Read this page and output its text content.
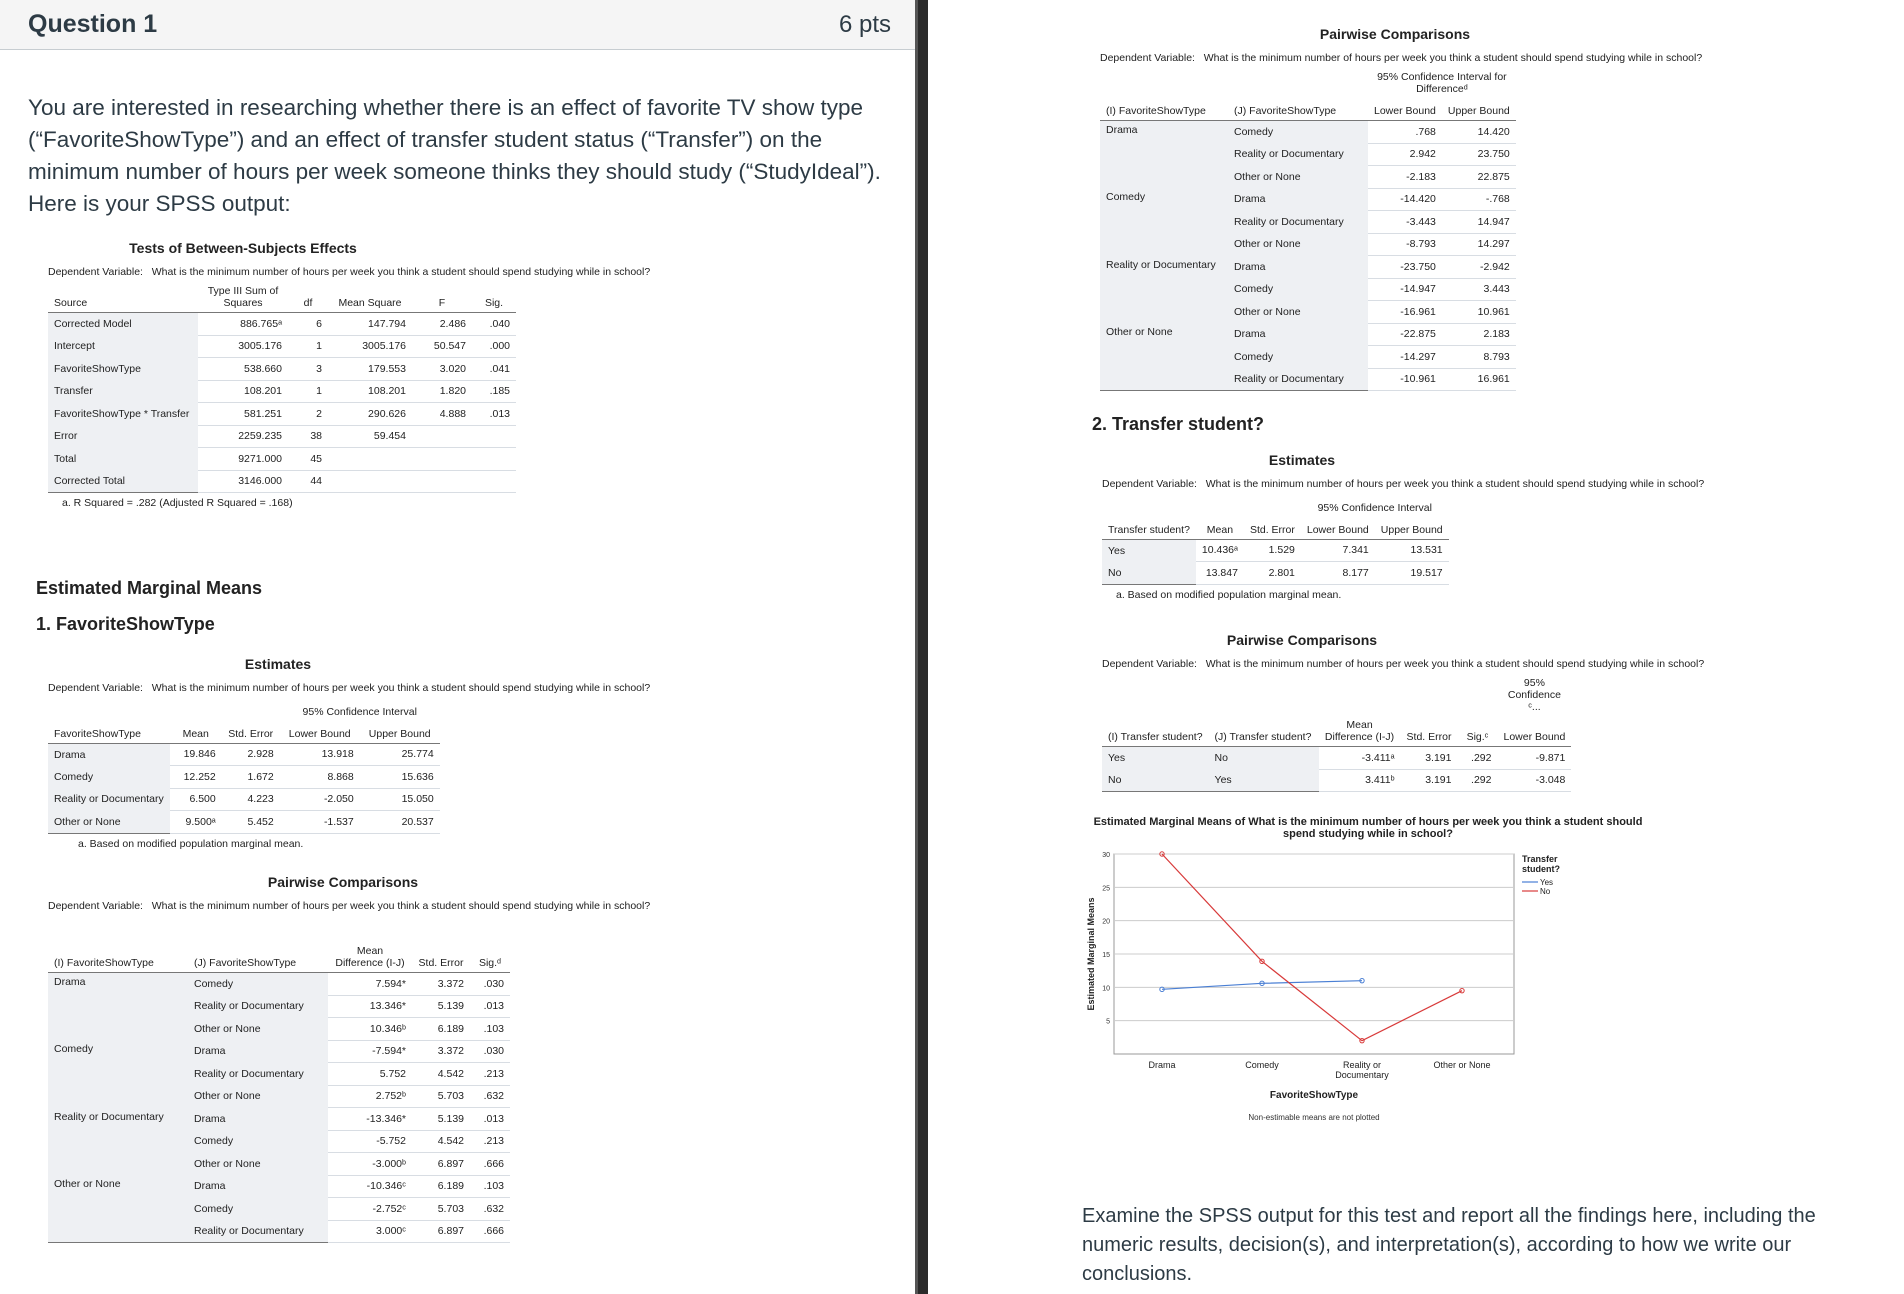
Question 1	6 pts
You are interested in researching whether there is an effect of favorite TV show type (“FavoriteShowType”) and an effect of transfer student status (“Transfer”) on the minimum number of hours per week someone thinks they should study (“StudyIdeal”). Here is your SPSS output:
Tests of Between-Subjects Effects
Dependent Variable: What is the minimum number of hours per week you think a student should spend studying while in school?
Source	Type III Sum of Squares	df	Mean Square	F	Sig.
Corrected Model	886.765ᵃ	6	147.794	2.486	.040
Intercept	3005.176	1	3005.176	50.547	.000
FavoriteShowType	538.660	3	179.553	3.020	.041
Transfer	108.201	1	108.201	1.820	.185
FavoriteShowType * Transfer	581.251	2	290.626	4.888	.013
Error	2259.235	38	59.454		
Total	9271.000	45			
Corrected Total	3146.000	44			
a. R Squared = .282 (Adjusted R Squared = .168)
Estimated Marginal Means
1. FavoriteShowType
Estimates
Dependent Variable: What is the minimum number of hours per week you think a student should spend studying while in school?
			95% Confidence Interval	
FavoriteShowType	Mean	Std. Error	Lower Bound	Upper Bound
Drama	19.846	2.928	13.918	25.774
Comedy	12.252	1.672	8.868	15.636
Reality or Documentary	6.500	4.223	-2.050	15.050
Other or None	9.500ᵃ	5.452	-1.537	20.537
a. Based on modified population marginal mean.
Pairwise Comparisons
Dependent Variable: What is the minimum number of hours per week you think a student should spend studying while in school?
(I) FavoriteShowType	(J) FavoriteShowType	Mean Difference (I-J)	Std. Error	Sig.ᵈ
Drama	Comedy	7.594*	3.372	.030
	Reality or Documentary	13.346*	5.139	.013
	Other or None	10.346ᵇ	6.189	.103
Comedy	Drama	-7.594*	3.372	.030
	Reality or Documentary	5.752	4.542	.213
	Other or None	2.752ᵇ	5.703	.632
Reality or Documentary	Drama	-13.346*	5.139	.013
	Comedy	-5.752	4.542	.213
	Other or None	-3.000ᵇ	6.897	.666
Other or None	Drama	-10.346ᶜ	6.189	.103
	Comedy	-2.752ᶜ	5.703	.632
	Reality or Documentary	3.000ᶜ	6.897	.666
Pairwise Comparisons
Dependent Variable: What is the minimum number of hours per week you think a student should spend studying while in school?
		95% Confidence Interval for Differenceᵈ	
(I) FavoriteShowType	(J) FavoriteShowType	Lower Bound	Upper Bound
Drama	Comedy	.768	14.420
	Reality or Documentary	2.942	23.750
	Other or None	-2.183	22.875
Comedy	Drama	-14.420	-.768
	Reality or Documentary	-3.443	14.947
	Other or None	-8.793	14.297
Reality or Documentary	Drama	-23.750	-2.942
	Comedy	-14.947	3.443
	Other or None	-16.961	10.961
Other or None	Drama	-22.875	2.183
	Comedy	-14.297	8.793
	Reality or Documentary	-10.961	16.961
2. Transfer student?
Estimates
Dependent Variable: What is the minimum number of hours per week you think a student should spend studying while in school?
			95% Confidence Interval	
Transfer student?	Mean	Std. Error	Lower Bound	Upper Bound
Yes	10.436ᵃ	1.529	7.341	13.531
No	13.847	2.801	8.177	19.517
a. Based on modified population marginal mean.
Pairwise Comparisons
Dependent Variable: What is the minimum number of hours per week you think a student should spend studying while in school?
					95% Confidence ᶜ...
(I) Transfer student?	(J) Transfer student?	Mean Difference (I-J)	Std. Error	Sig.ᶜ	Lower Bound
Yes	No	-3.411ᵃ	3.191	.292	-9.871
No	Yes	3.411ᵇ	3.191	.292	-3.048
Estimated Marginal Means of What is the minimum number of hours per week you think a student should spend studying while in school?
5
10
15
20
25
30
Drama	Comedy	Reality or
Documentary
Other or None
FavoriteShowType
Non-estimable means are not plotted
Estimated Marginal Means
Transfer
student?
Yes
No
Examine the SPSS output for this test and report all the findings here, including the numeric results, decision(s), and interpretation(s), according to how we write our conclusions.
